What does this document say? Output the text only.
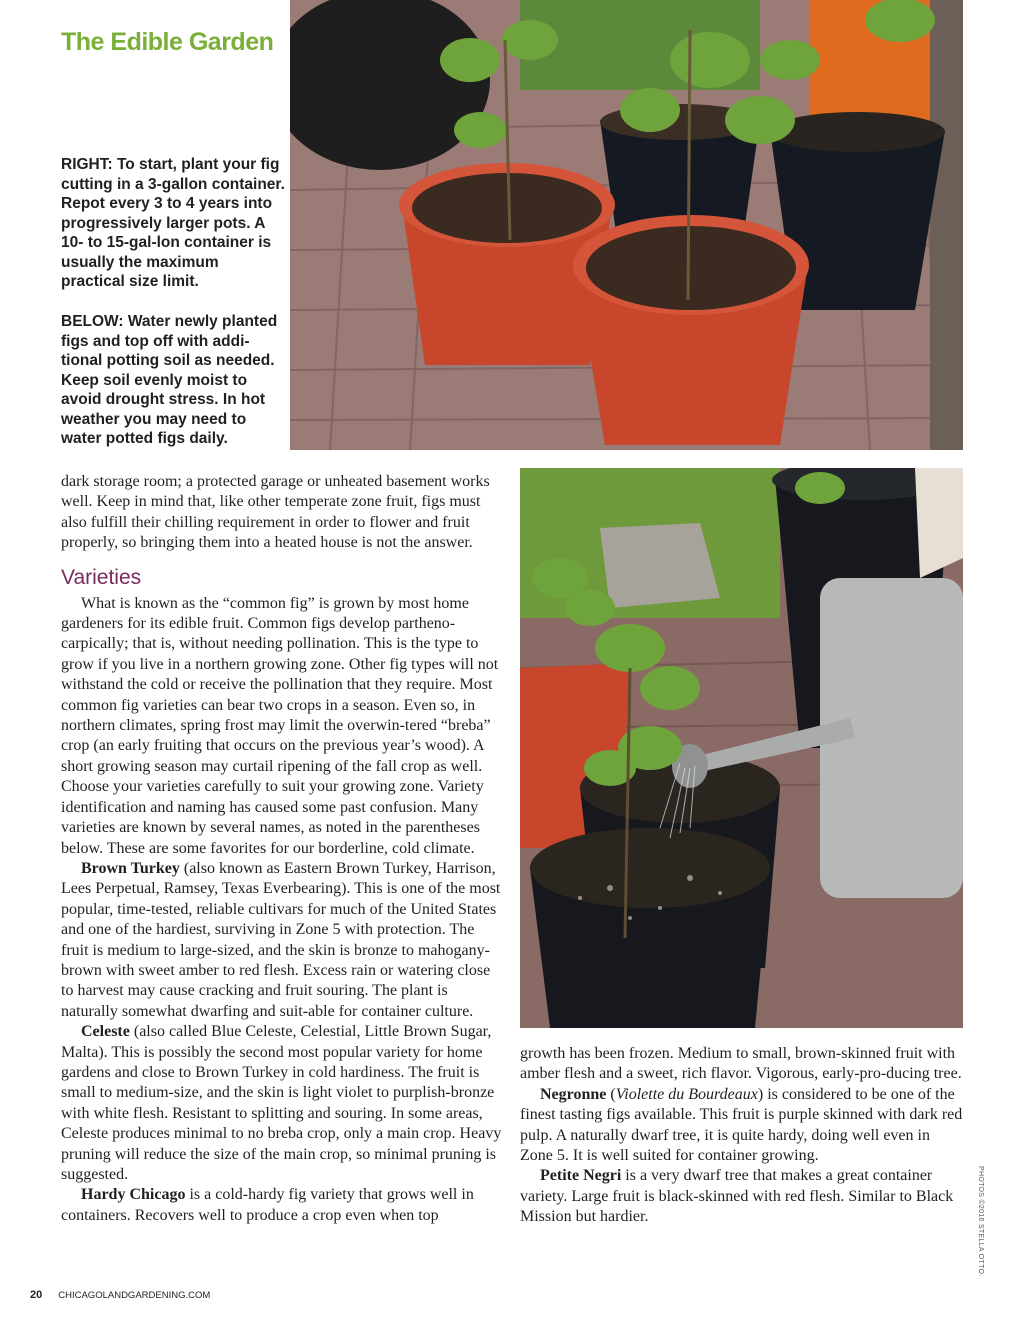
The Edible Garden

RIGHT: To start, plant your fig cutting in a 3-gallon container. Repot every 3 to 4 years into progressively larger pots. A 10- to 15-gal-lon container is usually the maximum practical size limit.

BELOW: Water newly planted figs and top off with addi-tional potting soil as needed. Keep soil evenly moist to avoid drought stress. In hot weather you may need to water potted figs daily.

dark storage room; a protected garage or unheated basement works well. Keep in mind that, like other temperate zone fruit, figs must also fulfill their chilling requirement in order to flower and fruit properly, so bringing them into a heated house is not the answer.

Varieties

What is known as the “common fig” is grown by most home gardeners for its edible fruit. Common figs develop partheno-carpically; that is, without needing pollination. This is the type to grow if you live in a northern growing zone. Other fig types will not withstand the cold or receive the pollination that they require. Most common fig varieties can bear two crops in a season. Even so, in northern climates, spring frost may limit the overwin-tered “breba” crop (an early fruiting that occurs on the previous year’s wood). A short growing season may curtail ripening of the fall crop as well. Choose your varieties carefully to suit your growing zone. Variety identification and naming has caused some past confusion. Many varieties are known by several names, as noted in the parentheses below. These are some favorites for our borderline, cold climate.

Brown Turkey (also known as Eastern Brown Turkey, Harrison, Lees Perpetual, Ramsey, Texas Everbearing). This is one of the most popular, time-tested, reliable cultivars for much of the United States and one of the hardiest, surviving in Zone 5 with protection. The fruit is medium to large-sized, and the skin is bronze to mahogany-brown with sweet amber to red flesh. Excess rain or watering close to harvest may cause cracking and fruit souring. The plant is naturally somewhat dwarfing and suit-able for container culture.

Celeste (also called Blue Celeste, Celestial, Little Brown Sugar, Malta). This is possibly the second most popular variety for home gardens and close to Brown Turkey in cold hardiness. The fruit is small to medium-size, and the skin is light violet to purplish-bronze with white flesh. Resistant to splitting and souring. In some areas, Celeste produces minimal to no breba crop, only a main crop. Heavy pruning will reduce the size of the main crop, so minimal pruning is suggested.

Hardy Chicago is a cold-hardy fig variety that grows well in containers. Recovers well to produce a crop even when top

growth has been frozen. Medium to small, brown-skinned fruit with amber flesh and a sweet, rich flavor. Vigorous, early-pro-ducing tree.

Negronne (Violette du Bourdeaux) is considered to be one of the finest tasting figs available. This fruit is purple skinned with dark red pulp. A naturally dwarf tree, it is quite hardy, doing well even in Zone 5. It is well suited for container growing.

Petite Negri is a very dwarf tree that makes a great container variety. Large fruit is black-skinned with red flesh. Similar to Black Mission but hardier.	PHOTOS ©2016 STELLA OTTO.
20 CHICAGOLANDGARDENING.COM
